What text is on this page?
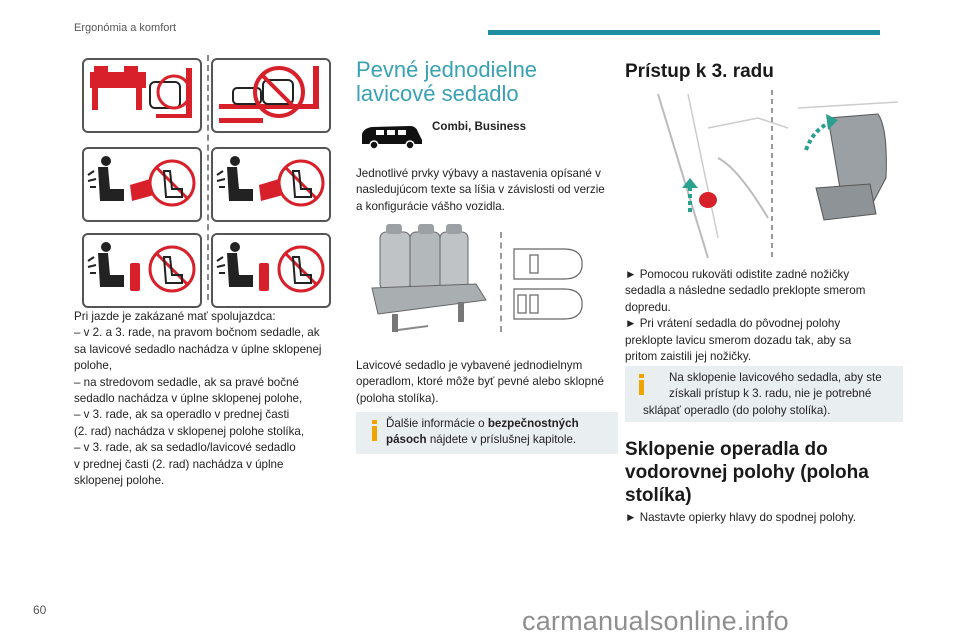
Ergonómia a komfort
Pri jazde je zakázané mať spolujazdca:
– v 2. a 3. rade, na pravom bočnom sedadle, ak
sa lavicové sedadlo nachádza v úplne sklopenej
polohe,
– na stredovom sedadle, ak sa pravé bočné
sedadlo nachádza v úplne sklopenej polohe,
– v 3. rade, ak sa operadlo v prednej časti
(2. rad) nachádza v sklopenej polohe stolíka,
– v 3. rade, ak sa sedadlo/lavicové sedadlo
v prednej časti (2. rad) nachádza v úplne
sklopenej polohe.
Pevné jednodielne
lavicové sedadlo
Combi, Business
Jednotlivé prvky výbavy a nastavenia opísané v
nasledujúcom texte sa líšia v závislosti od verzie
a konfigurácie vášho vozidla.
Lavicové sedadlo je vybavené jednodielnym
operadlom, ktoré môže byť pevné alebo sklopné
(poloha stolíka).
Ďalšie informácie o bezpečnostných
pásoch nájdete v príslušnej kapitole.
Prístup k 3. radu
► Pomocou rukoväti odistite zadné nožičky
sedadla a následne sedadlo preklopte smerom
dopredu.
► Pri vrátení sedadla do pôvodnej polohy
preklopte lavicu smerom dozadu tak, aby sa
pritom zaistili jej nožičky.
Na sklopenie lavicového sedadla, aby ste
získali prístup k 3. radu, nie je potrebné
sklápať operadlo (do polohy stolíka).
Sklopenie operadla do
vodorovnej polohy (poloha
stolíka)
► Nastavte opierky hlavy do spodnej polohy.
60	carmanualsonline.info
